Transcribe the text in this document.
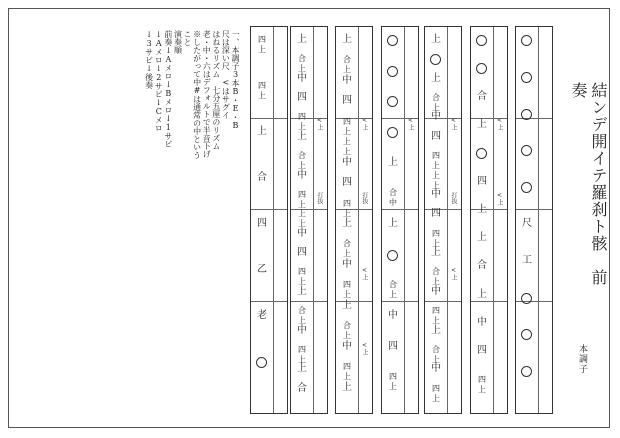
結ンデ開イテ羅刹ト骸　前奏
本調子
一、本調子3本B・E・B
尺は深い尺　<はサグイ
はねるリズム　七分五厘のリズム
老・中・六はデフォルトで半音下げ
※したがって中#は通常の中という
こと
演奏順
前奏↓Aメロ↓Bメロ↓1サビ
↓Aメロ↓2サビ↓Cメロ
↓3サビ↓後奏
尺
工
合
上
四
上
上
合
上
中
四
四上
<上
<上
上
上
合上
中
四
四上
上上
中
四
四上
上
合上
中
四上
上
合上
中
四上
<上
打抜
<上
上
合中
上
合上
中
四
四上
<上
上
合上
中
四
四上
上上
中
四
四上
上
合上
中
四上
上
合上
中
四上
上
<上
打抜
<上
<上
上
合上
中
四
四上
上
合上
中
四上
上上
中
四
四上
上
合上
中
四上
上
合
<上
打抜
四上
四上
上
合
四
乙
老
